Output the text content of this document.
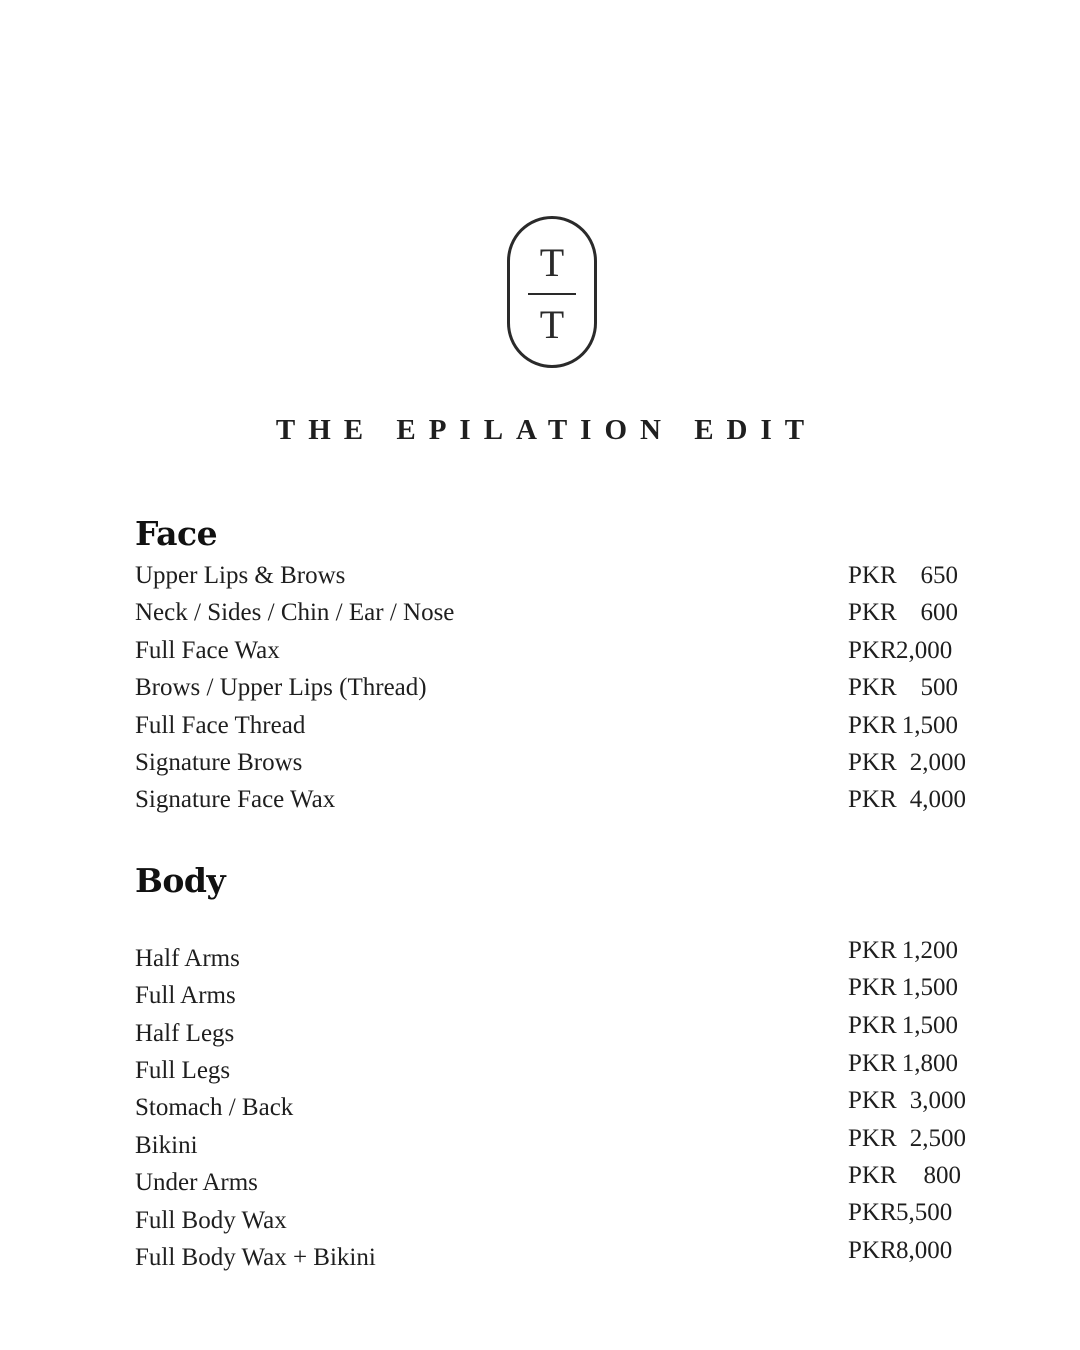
T
T
THE EPILATION EDIT
Face
Upper Lips & Brows	PKR 650
Neck / Sides / Chin / Ear / Nose	PKR 600
Full Face Wax	PKR 2,000
Brows / Upper Lips (Thread)	PKR 500
Full Face Thread	PKR 1,500
Signature Brows	PKR 2,000
Signature Face Wax	PKR 4,000
Body
Half Arms	PKR 1,200
Full Arms	PKR 1,500
Half Legs	PKR 1,500
Full Legs	PKR 1,800
Stomach / Back	PKR 3,000
Bikini	PKR 2,500
Under Arms	PKR 800
Full Body Wax	PKR 5,500
Full Body Wax + Bikini	PKR 8,000
